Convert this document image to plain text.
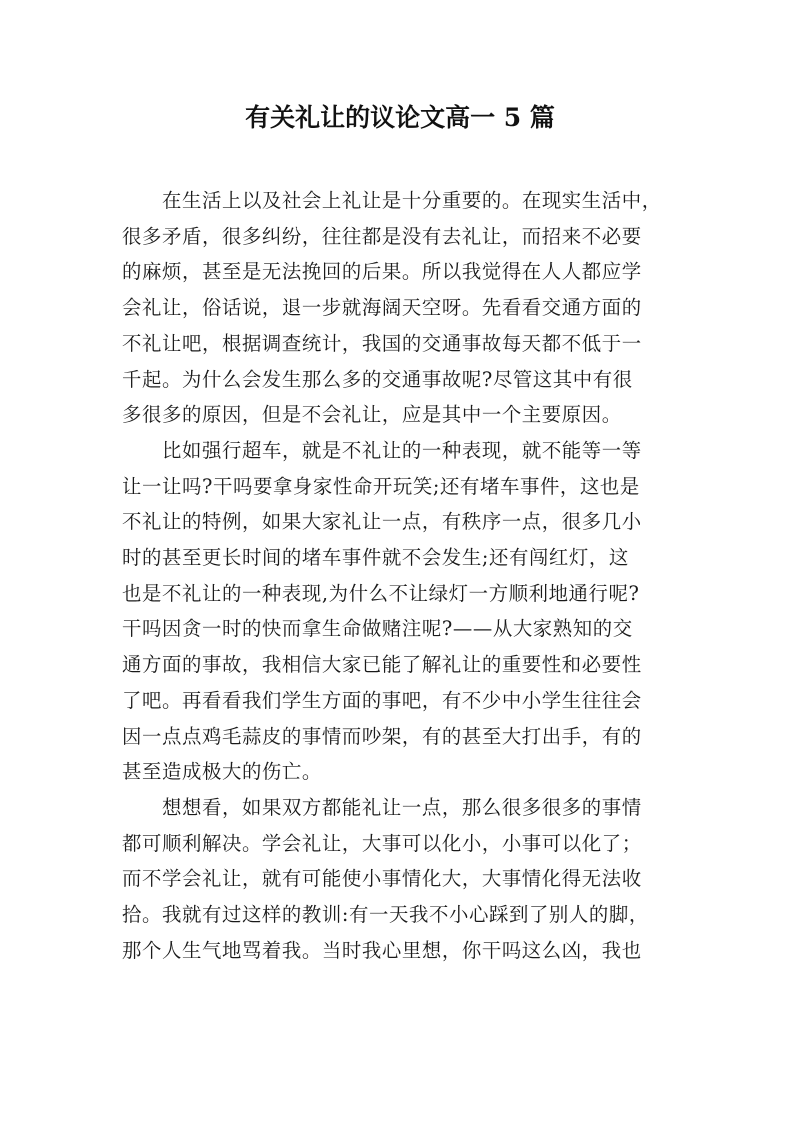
有关礼让的议论文高一 5 篇
在生活上以及社会上礼让是十分重要的。在现实生活中，
很多矛盾，很多纠纷，往往都是没有去礼让，而招来不必要
的麻烦，甚至是无法挽回的后果。所以我觉得在人人都应学
会礼让，俗话说，退一步就海阔天空呀。先看看交通方面的
不礼让吧，根据调查统计，我国的交通事故每天都不低于一
千起。为什么会发生那么多的交通事故呢?尽管这其中有很
多很多的原因，但是不会礼让，应是其中一个主要原因。
比如强行超车，就是不礼让的一种表现，就不能等一等
让一让吗?干吗要拿身家性命开玩笑;还有堵车事件，这也是
不礼让的特例，如果大家礼让一点，有秩序一点，很多几小
时的甚至更长时间的堵车事件就不会发生;还有闯红灯，这
也是不礼让的一种表现,为什么不让绿灯一方顺利地通行呢?
干吗因贪一时的快而拿生命做赌注呢?——从大家熟知的交
通方面的事故，我相信大家已能了解礼让的重要性和必要性
了吧。再看看我们学生方面的事吧，有不少中小学生往往会
因一点点鸡毛蒜皮的事情而吵架，有的甚至大打出手，有的
甚至造成极大的伤亡。
想想看，如果双方都能礼让一点，那么很多很多的事情
都可顺利解决。学会礼让，大事可以化小，小事可以化了；
而不学会礼让，就有可能使小事情化大，大事情化得无法收
拾。我就有过这样的教训:有一天我不小心踩到了别人的脚，
那个人生气地骂着我。当时我心里想，你干吗这么凶，我也
